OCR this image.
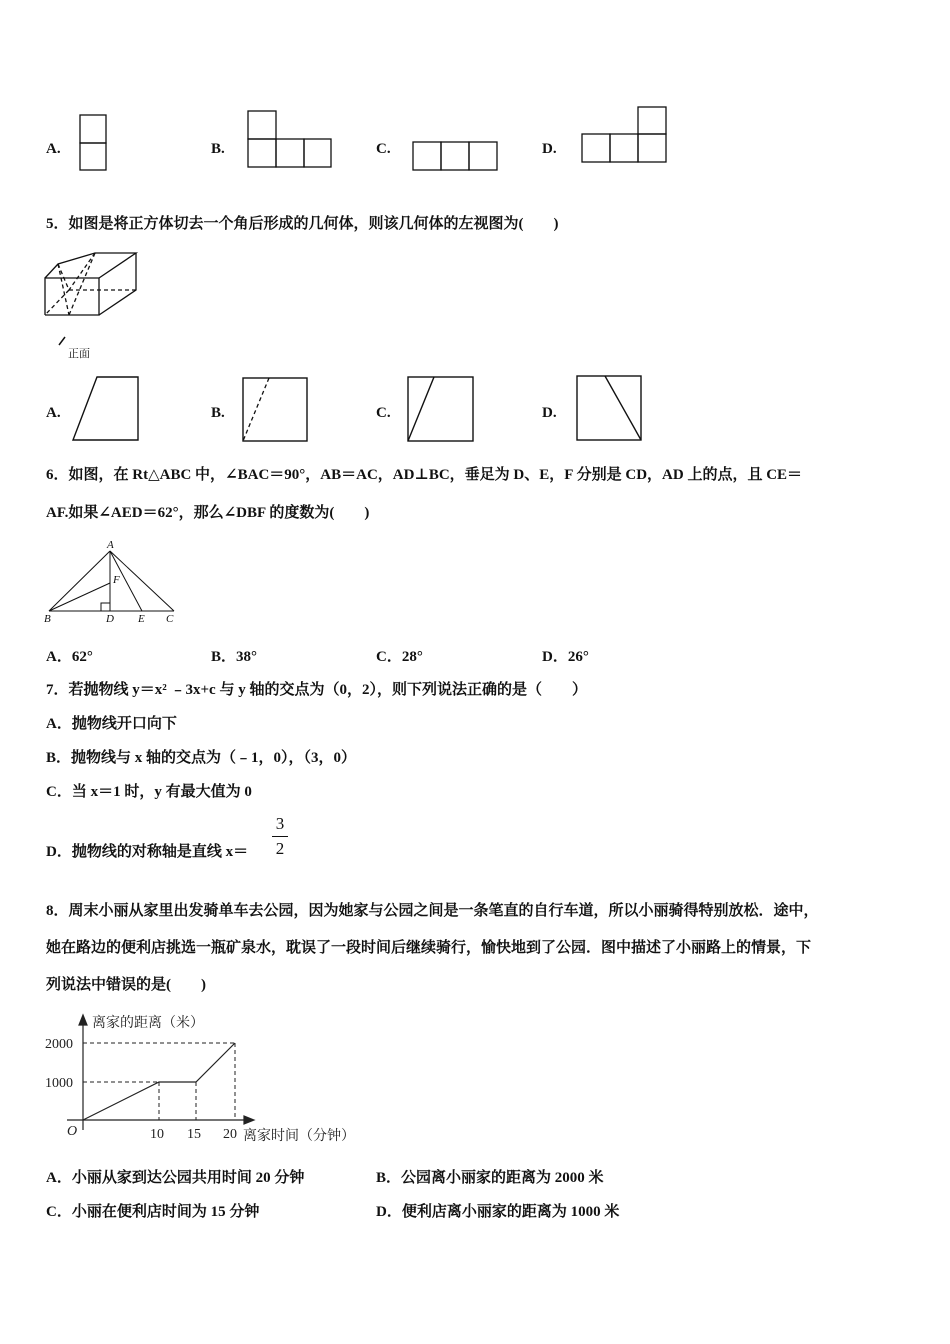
A.	B.	C.	D.
5．如图是将正方体切去一个角后形成的几何体，则该几何体的左视图为(　　)
正面
A.	B.	C.	D.
6．如图，在 Rt△ABC 中，∠BAC＝90°，AB＝AC，AD⊥BC，垂足为 D、E，F 分别是 CD，AD 上的点，且 CE＝
AF.如果∠AED＝62°，那么∠DBF 的度数为(　　)
A
B	C
D E
F
A．62°	B．38°	C．28°	D．26°
7．若抛物线 y＝x² ﹣3x+c 与 y 轴的交点为（0，2），则下列说法正确的是（　　）
A．抛物线开口向下
B．抛物线与 x 轴的交点为（﹣1，0），（3，0）
C．当 x＝1 时，y 有最大值为 0
D．抛物线的对称轴是直线 x＝
3
2
8．周末小丽从家里出发骑单车去公园，因为她家与公园之间是一条笔直的自行车道，所以小丽骑得特别放松．途中，
她在路边的便利店挑选一瓶矿泉水，耽误了一段时间后继续骑行，愉快地到了公园．图中描述了小丽路上的情景，下
列说法中错误的是(　　)
离家的距离（米）
2000
1000
O	10 15 20 离家时间（分钟）
A．小丽从家到达公园共用时间 20 分钟	B．公园离小丽家的距离为 2000 米
C．小丽在便利店时间为 15 分钟	D．便利店离小丽家的距离为 1000 米
